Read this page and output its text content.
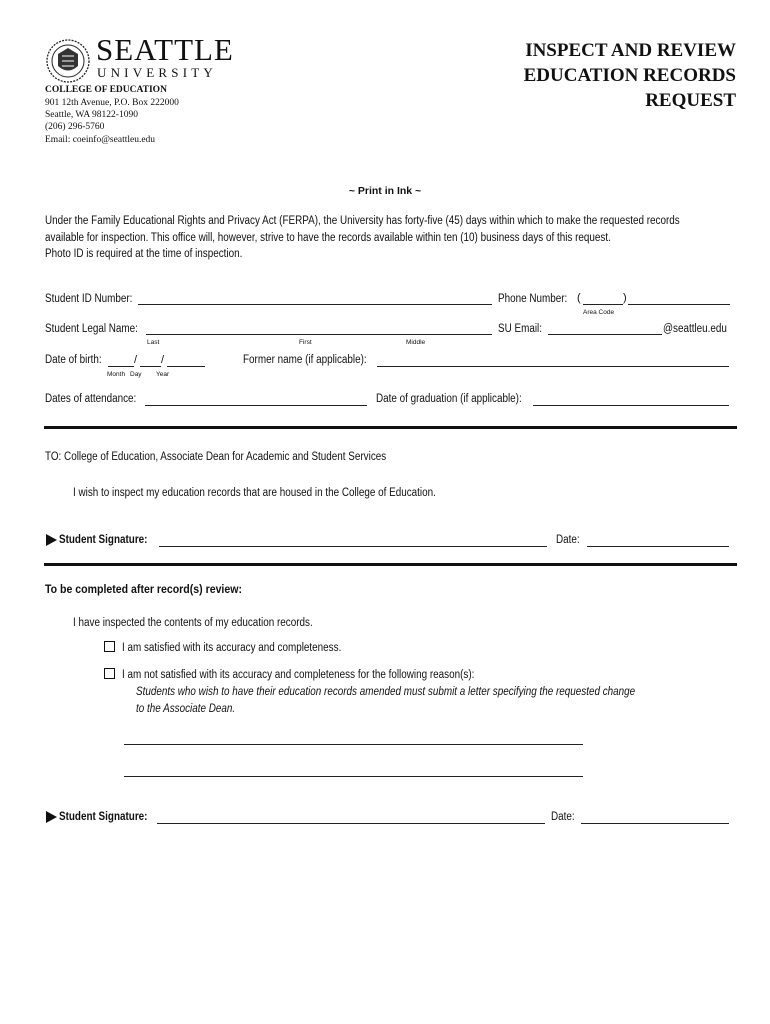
SEATTLE
UNIVERSITY
COLLEGE OF EDUCATION
901 12th Avenue, P.O. Box 222000
Seattle, WA 98122-1090
(206) 296-5760
Email: coeinfo@seattleu.edu
INSPECT AND REVIEW
EDUCATION RECORDS
REQUEST
~ Print in Ink ~
Under the Family Educational Rights and Privacy Act (FERPA), the University has forty-five (45) days within which to make the requested records
available for inspection. This office will, however, strive to have the records available within ten (10) business days of this request.
Photo ID is required at the time of inspection.
Student ID Number:	Phone Number: (	)
Area Code
Student Legal Name:
Last	First	Middle
SU Email:	@seattleu.edu
Date of birth:	/ /
Month Day Year
Former name (if applicable):
Dates of attendance:	Date of graduation (if applicable):
TO: College of Education, Associate Dean for Academic and Student Services
I wish to inspect my education records that are housed in the College of Education.
Student Signature:	Date:
To be completed after record(s) review:
I have inspected the contents of my education records.
I am satisfied with its accuracy and completeness.
I am not satisfied with its accuracy and completeness for the following reason(s):
Students who wish to have their education records amended must submit a letter specifying the requested change
to the Associate Dean.
Student Signature:	Date:
